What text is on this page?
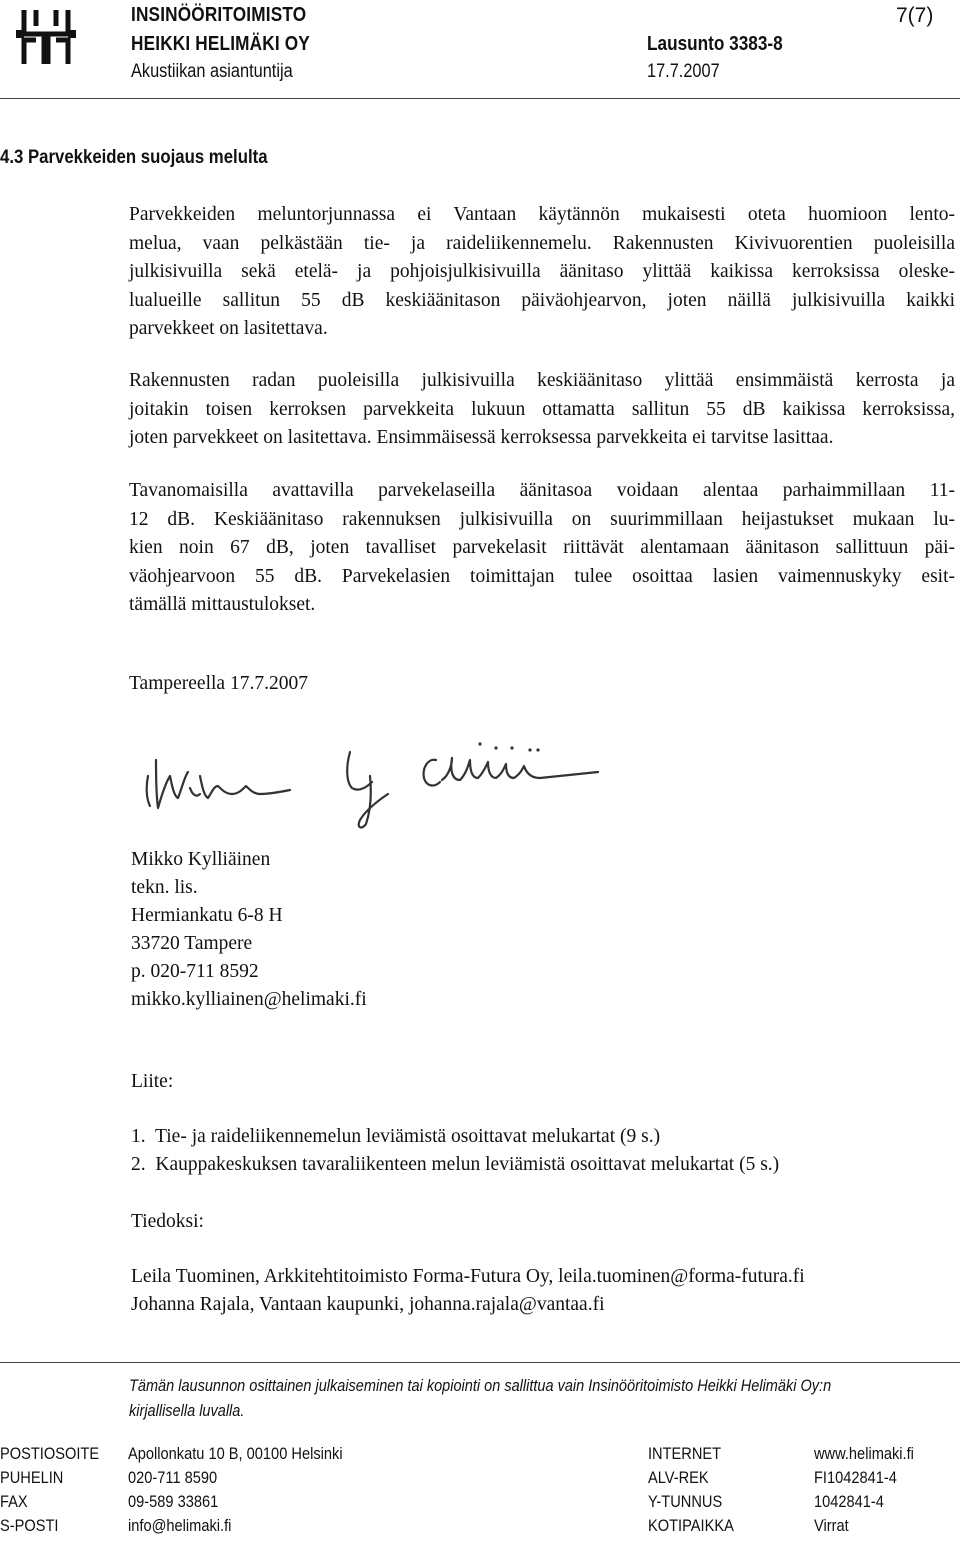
INSINÖÖRITOIMISTO
HEIKKI HELIMÄKI OY
Akustiikan asiantuntija
7(7)
Lausunto 3383-8
17.7.2007
4.3 Parvekkeiden suojaus melulta
Parvekkeiden meluntorjunnassa ei Vantaan käytännön mukaisesti oteta huomioon lento-
melua, vaan pelkästään tie- ja raideliikennemelu. Rakennusten Kivivuorentien puoleisilla
julkisivuilla sekä etelä- ja pohjoisjulkisivuilla äänitaso ylittää kaikissa kerroksissa oleske-
lualueille sallitun 55 dB keskiäänitason päiväohjearvon, joten näillä julkisivuilla kaikki
parvekkeet on lasitettava.
Rakennusten radan puoleisilla julkisivuilla keskiäänitaso ylittää ensimmäistä kerrosta ja
joitakin toisen kerroksen parvekkeita lukuun ottamatta sallitun 55 dB kaikissa kerroksissa,
joten parvekkeet on lasitettava. Ensimmäisessä kerroksessa parvekkeita ei tarvitse lasittaa.
Tavanomaisilla avattavilla parvekelaseilla äänitasoa voidaan alentaa parhaimmillaan 11-
12 dB. Keskiäänitaso rakennuksen julkisivuilla on suurimmillaan heijastukset mukaan lu-
kien noin 67 dB, joten tavalliset parvekelasit riittävät alentamaan äänitason sallittuun päi-
väohjearvoon 55 dB. Parvekelasien toimittajan tulee osoittaa lasien vaimennuskyky esit-
tämällä mittaustulokset.
Tampereella 17.7.2007
Mikko Kylliäinen
tekn. lis.
Hermiankatu 6-8 H
33720 Tampere
p. 020-711 8592
mikko.kylliainen@helimaki.fi
Liite:
1.  Tie- ja raideliikennemelun leviämistä osoittavat melukartat (9 s.)
2.  Kauppakeskuksen tavaraliikenteen melun leviämistä osoittavat melukartat (5 s.)
Tiedoksi:
Leila Tuominen, Arkkitehtitoimisto Forma-Futura Oy, leila.tuominen@forma-futura.fi
Johanna Rajala, Vantaan kaupunki, johanna.rajala@vantaa.fi
Tämän lausunnon osittainen julkaiseminen tai kopiointi on sallittua vain Insinööritoimisto Heikki Helimäki Oy:n
kirjallisella luvalla.
POSTIOSOITE Apollonkatu 10 B, 00100 Helsinki	INTERNET	www.helimaki.fi
PUHELIN	020-711 8590	ALV-REK	FI1042841-4
FAX	09-589 33861	Y-TUNNUS	1042841-4
S-POSTI	info@helimaki.fi	KOTIPAIKKA	Virrat
